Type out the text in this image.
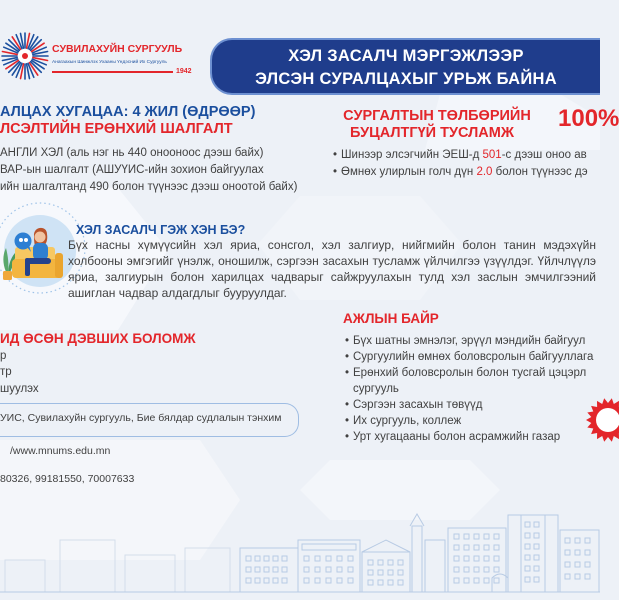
СУВИЛАХУЙН СУРГУУЛЬ
Анагаахын Шинжлэх Ухааны Үндэсний Их Сургууль
1942
ХЭЛ ЗАСАЛЧ МЭРГЭЖЛЭЭР
ЭЛСЭН СУРАЛЦАХЫГ УРЬЖ БАЙНА
АЛЦАХ ХУГАЦАА: 4 ЖИЛ (ӨДРӨӨР)
ЛСЭЛТИЙН ЕРӨНХИЙ ШАЛГАЛТ
АНГЛИ ХЭЛ (аль нэг нь 440 онооноос дээш байх)
ВАР-ын шалгалт (АШУҮИС-ийн зохион байгуулах
ийн шалгалтанд 490 болон түүнээс дээш оноотой байх)
СУРГАЛТЫН ТӨЛБӨРИЙН
БУЦАЛТГҮЙ ТУСЛАМЖ
100%
• Шинээр элсэгчийн ЭЕШ-д 501-с дээш оноо ав
• Өмнөх улирлын голч дүн 2.0 болон түүнээс дэ
ХЭЛ ЗАСАЛЧ ГЭЖ ХЭН БЭ?
Бүх насны хүмүүсийн хэл яриа, сонсгол, хэл залгиур, нийгмийн болон танин мэдэхүйн
холбооны эмгэгийг үнэлж, оношилж, сэргээн засахын тусламж үйлчилгээ үзүүлдэг. Үйлчлүүлэ
яриа, залгиурын болон харилцах чадварыг сайжруулахын тулд хэл заслын эмчилгээний
ашиглан чадвар алдагдлыг бууруулдаг.
ИД ӨСӨН ДЭВШИХ БОЛОМЖ
р
тр
шуулэх
УИС, Сувилахуйн сургууль, Бие бялдар судлалын тэнхим
/www.mnums.edu.mn
80326, 99181550, 70007633
АЖЛЫН БАЙР
• Бүх шатны эмнэлэг, эрүүл мэндийн байгуул
• Сургуулийн өмнөх боловсролын байгууллага
• Ерөнхий боловсролын болон тусгай цэцэрл
сургууль
• Сэргээн засахын төвүүд
• Их сургууль, коллеж
• Урт хугацааны болон асрамжийн газар
